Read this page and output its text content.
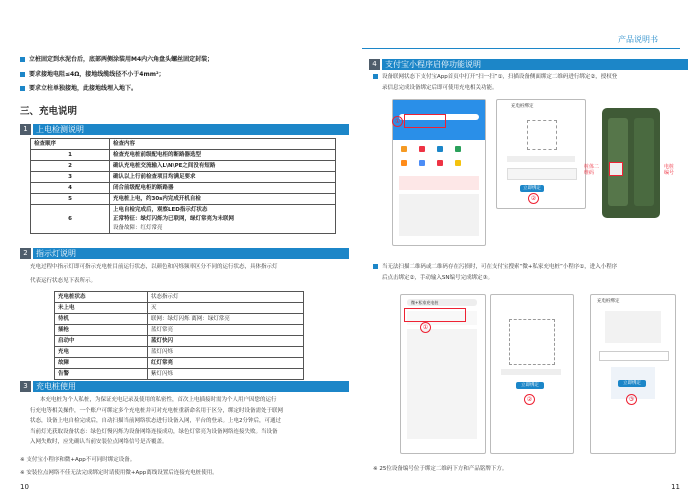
产品说明书
立桩固定到水泥台后，底部两侧涂装用M4内六角盘头螺丝固定封装；
要求接地电阻≤4Ω，接地线缆线径不小于4mm²；
要求立柱单独接地，此接地线埋入地下。
三、充电说明
1	上电检测说明
检查顺序	检查内容
1	检查充电桩前级配电柜的断路器选型
2	确认充电桩交流输入L\N\PE之间没有短路
3	确认以上行前检查项目均满足要求
4	闭合前级配电柜的断路器
5	充电桩上电，约30s内完成开机自检
6	上电自检完成后，观察LED指示灯状态
正常特征：绿灯闪烁为已联网，绿灯常亮为未联网
设备故障：红灯常亮
2	指示灯说明
充电过程中指示灯即可指示充电桩目前运行状态，以颜色和闪烁频率区分不同的运行状态，具体指示灯
代表运行状态见下表所示。
充电桩状态	状态指示灯
未上电	灭
待机	联网：绿灯闪烁 离网：绿灯常亮
插枪	蓝灯常亮
启动中	蓝灯快闪
充电	蓝灯闪烁
故障	红灯常亮
告警	紫灯闪烁
3	充电桩使用
本充电桩为个人私桩，为保证充电记录及使用的私密性，首次上电插接时需为个人用户因您的运行
行充电等相关操作，一个账户可绑定多个充电桩并可对充电桩重新命名用于区分，绑定时设备需处于联网
状态，设备上电自检完成后，自动扫描当前网络状态进行设备入网，平台的登录。上电2分钟后，可通过
当前灯光获取设备状态：绿色灯慢闪烁为设备网络连接成功，绿色灯常亮为设备网络连接失败。当设备
入网失败时，应先确认当前安装位点网络信号是否覆盖。
※ 支付宝小程序和微+App不可同时绑定设备。
※ 安装位点网络不佳无法完成绑定时请使用微+App离线设置后连接充电桩使用。
10
4	支付宝小程序启停功能说明
设备联网状态下支付宝App首页中打开“扫一扫”①，扫描设备侧面绑定二维码进行绑定②，授权登
录信息完成设备绑定后即可使用充电相关功能。
①
充电桩绑定
立即绑定
②
桩体二维码
电桩编号
当无法扫描二维码或二维码存在污损时，可在支付宝搜索“微+私家充电桩”小程序①，进入小程序
后点击绑定②，手动输入SN编号完成绑定③。
微+私家充电桩
①
立即绑定
②
充电桩绑定
立即绑定
③
※ 25位设备编号位于绑定二维码下方和产品铭牌下方。
11
